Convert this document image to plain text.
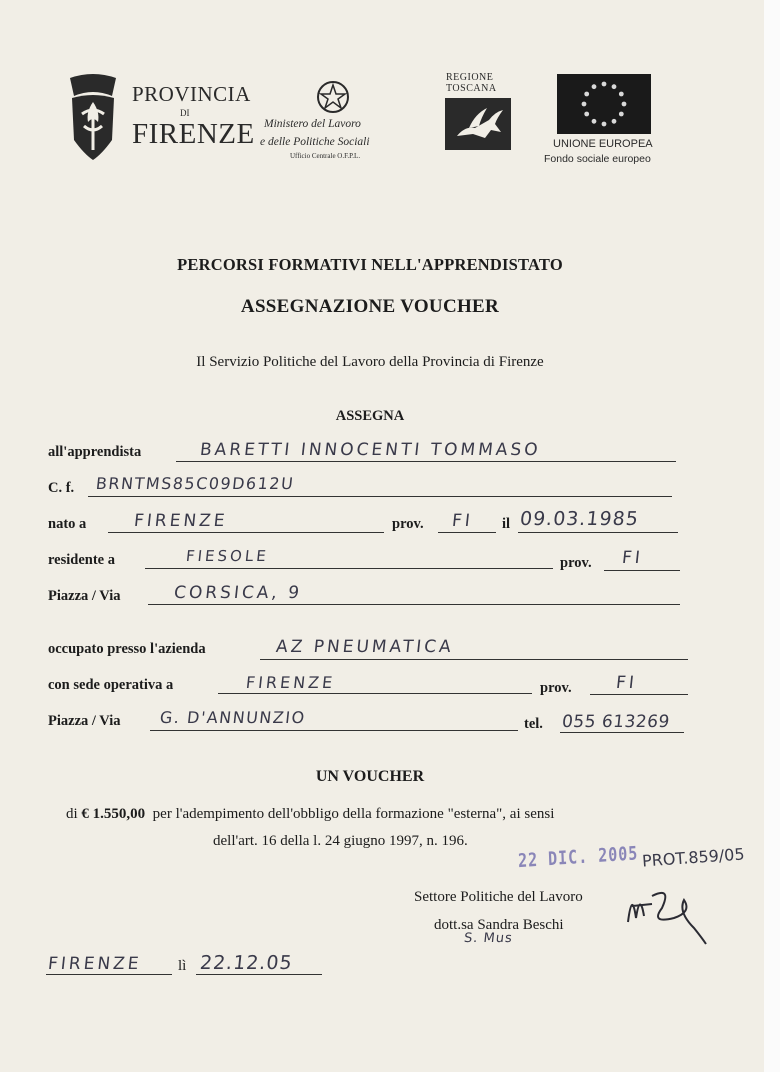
PROVINCIA
DI
FIRENZE Ministero del Lavoro
e delle Politiche Sociali
Ufficio Centrale O.F.P.L.
REGIONE
TOSCANA
UNIONE EUROPEA
Fondo sociale europeo
PERCORSI FORMATIVI NELL'APPRENDISTATO
ASSEGNAZIONE VOUCHER
Il Servizio Politiche del Lavoro della Provincia di Firenze
ASSEGNA
all'apprendista	BARETTI INNOCENTI TOMMASO
C. f. BRNTMS85C09D612U
nato a	FIRENZE	prov. FI il 09.03.1985
residente a	FIESOLE	prov. FI
Piazza / Via	CORSICA, 9
occupato presso l'azienda	AZ PNEUMATICA
con sede operativa a	FIRENZE	prov.	FI
Piazza / Via G. D'ANNUNZIO	tel. 055 613269
UN VOUCHER
di € 1.550,00  per l'adempimento dell'obbligo della formazione "esterna", ai sensi
dell'art. 16 della l. 24 giugno 1997, n. 196.
22 DIC. 2005 PROT.859/05
Settore Politiche del Lavoro
dott.sa Sandra Beschi
S. Mus
FIRENZE lì 22.12.05
